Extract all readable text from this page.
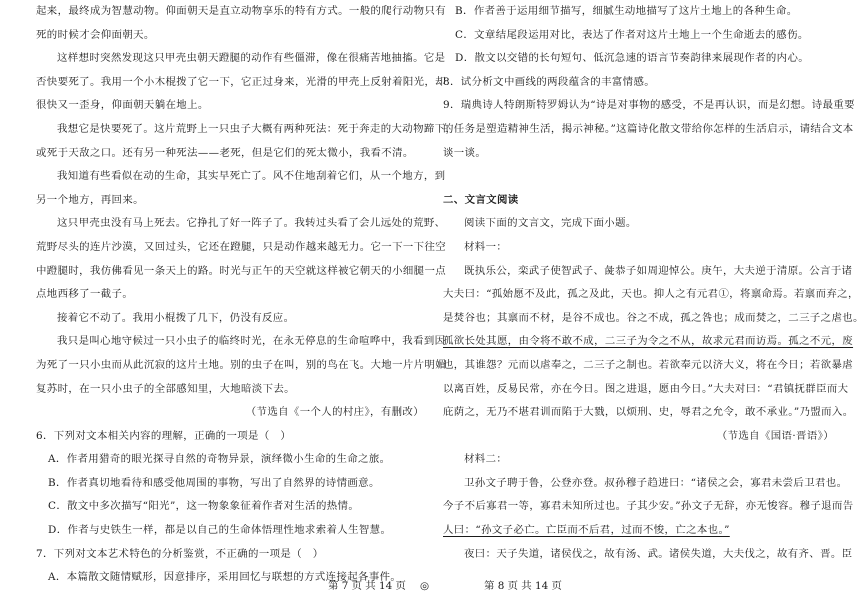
起来，最终成为智慧动物。仰面朝天是直立动物享乐的特有方式。一般的爬行动物只有
死的时候才会仰面朝天。
这样想时突然发现这只甲壳虫朝天蹬腿的动作有些僵滞，像在很痛苦地抽搐。它是
否快要死了。我用一个小木棍拨了它一下，它正过身来，光滑的甲壳上反射着阳光，却
很快又一歪身，仰面朝天躺在地上。
我想它是快要死了。这片荒野上一只虫子大概有两种死法：死于奔走的大动物蹄下，
或死于天敌之口。还有另一种死法——老死，但是它们的死太微小，我看不清。
我知道有些看似在动的生命，其实早死亡了。风不住地刮着它们，从一个地方，到
另一个地方，再回来。
这只甲壳虫没有马上死去。它挣扎了好一阵子了。我转过头看了会儿远处的荒野、
荒野尽头的连片沙漠，又回过头，它还在蹬腿，只是动作越来越无力。它一下一下往空
中蹬腿时，我仿佛看见一条天上的路。时光与正午的天空就这样被它朝天的小细腿一点
点地西移了一截子。
接着它不动了。我用小棍拨了几下，仍没有反应。
我只是叫心地守候过一只小虫子的临终时光，在永无停息的生命喧哗中，我看到因
为死了一只小虫而从此沉寂的这片土地。别的虫子在叫，别的鸟在飞。大地一片片明媚
复苏时，在一只小虫子的全部感知里，大地暗淡下去。
（节选自《一个人的村庄》，有删改）
6．下列对文本相关内容的理解，正确的一项是（　）
A．作者用猎奇的眼光探寻自然的奇物异景，演绎微小生命的生命之旅。
B．作者真切地看待和感受他周围的事物，写出了自然界的诗情画意。
C．散文中多次描写“阳光”，这一物象象征着作者对生活的热情。
D．作者与史铁生一样，都是以自己的生命体悟理性地求索着人生智慧。
7．下列对文本艺术特色的分析鉴赏，不正确的一项是（　）
A．本篇散文随情赋形，因意排序，采用回忆与联想的方式连接起各事件。
B．作者善于运用细节描写，细腻生动地描写了这片土地上的各种生命。
C．文章结尾段运用对比，表达了作者对这片土地上一个生命逝去的感伤。
D．散文以交错的长句短句、低沉急速的语言节奏韵律来展现作者的内心。
8．试分析文中画线的两段蕴含的丰富情感。
9．瑞典诗人特朗斯特罗姆认为“诗是对事物的感受，不是再认识，而是幻想。诗最重要
的任务是塑造精神生活，揭示神秘。”这篇诗化散文带给你怎样的生活启示，请结合文本
谈一谈。
二、文言文阅读
阅读下面的文言文，完成下面小题。
材料一：
既执乐公，栾武子使智武子、彘恭子如周迎悼公。庚午，大夫逆于清原。公言于诸
大夫曰：“孤始愿不及此，孤之及此，天也。抑人之有元君①，将禀命焉。若禀而弃之，
是焚谷也；其禀而不材，是谷不成也。谷之不成，孤之咎也；成而焚之，二三子之虐也。
孤欲长处其愿，由令将不敢不成，二三子为令之不从，故求元君而访焉。孤之不元，废
也，其谁怨？元而以虐奉之，二三子之制也。若欲奉元以济大义，将在今日；若欲暴虐
以离百姓，反易民常，亦在今日。图之进退，愿由今日。”大夫对曰：“君镇抚群臣而大
庇荫之，无乃不堪君训而陷于大戮，以烦刑、史，辱君之允令，敢不承业。”乃盟而入。
（节选自《国语·晋语》）
材料二：
卫孙文子聘于鲁，公登亦登。叔孙穆子趋进曰：“诸侯之会，寡君未尝后卫君也。
今子不后寡君一等，寡君未知所过也。子其少安。”孙文子无辞，亦无悛容。穆子退而告
人曰：“孙文子必亡。亡臣而不后君，过而不悛，亡之本也。”
夜曰：天子失道，诸侯伐之，故有汤、武。诸侯失道，大夫伐之，故有齐、晋。臣
第 7 页 共 14 页 ◎	第 8 页 共 14 页
